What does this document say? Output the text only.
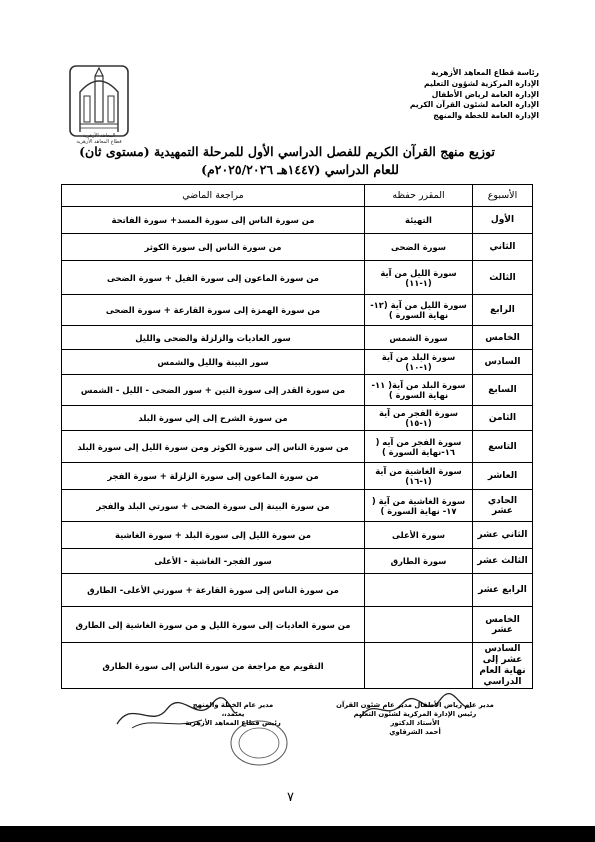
المعاهد الأزهرية
قطاع المعاهد الأزهرية
رئاسة قطاع المعاهد الأزهرية
الإدارة المركزية لشؤون التعليم
الإدارة العامة لرياض الأطفال
الإدارة العامة لشئون القرآن الكريم
الإدارة العامة للخطة والمنهج
توزيع منهج القرآن الكريم للفصل الدراسي الأول للمرحلة التمهيدية (مستوى ثان)
للعام الدراسي (١٤٤٧هـ ٢٠٢٥/٢٠٢٦م)
الأسبوع	المقرر حفظه	مراجعة الماضي
الأول	التهيئة	من سورة الناس إلى سورة المسد+ سورة الفاتحة
الثاني	سورة الضحى	من سورة الناس إلى سورة الكوثر
الثالث	سورة الليل من آية (١-١١)	من سورة الماعون إلى سورة الفيل + سورة الضحى
الرابع	سورة الليل من آية (١٢-نهاية السورة )	من سورة الهمزة إلى سورة القارعة + سورة الضحى
الخامس	سورة الشمس	سور العاديات والزلزلة والضحى والليل
السادس	سورة البلد من آية (١-١٠)	سور البينة والليل والشمس
السابع	سورة البلد من آية( ١١-نهاية السورة )	من سورة القدر إلى سورة التين + سور الضحى - الليل - الشمس
الثامن	سورة الفجر من آية (١-١٥)	من سورة الشرح إلى إلي سورة البلد
التاسع	سورة الفجر من آيه ( ١٦-نهاية السورة )	من سورة الناس إلى سورة الكوثر ومن سورة الليل إلى سورة البلد
العاشر	سورة الغاشية من آية (١-١٦)	من سورة الماعون إلى سورة الزلزلة + سورة الفجر
الحادي عشر	سورة الغاشية من آية ( ١٧- نهاية السورة )	من سورة البينة إلى سورة الضحى + سورتي البلد والفجر
الثاني عشر	سورة الأعلى	من سورة الليل إلى سورة البلد + سورة الغاشية
الثالث عشر	سورة الطارق	سور الفجر- الغاشية - الأعلى
الرابع عشر		من سورة الناس إلى سورة القارعة + سورتي الأعلى- الطارق
الخامس عشر		من سورة العاديات إلى سورة الليل و من سورة الغاشية إلى الطارق
السادس عشر إلى نهاية العام الدراسي		التقويم مع مراجعة من سورة الناس إلى سورة الطارق
مدير عام الخطة والمنهج
يعتمد،،
رئيس قطاع المعاهد الأزهرية
مدير عام رياض الأطفال مدير عام شئون القرآن
رئيس الإدارة المركزية لشئون التعليم
الأستاذ الدكتور
أحمد الشرقاوي
٧
